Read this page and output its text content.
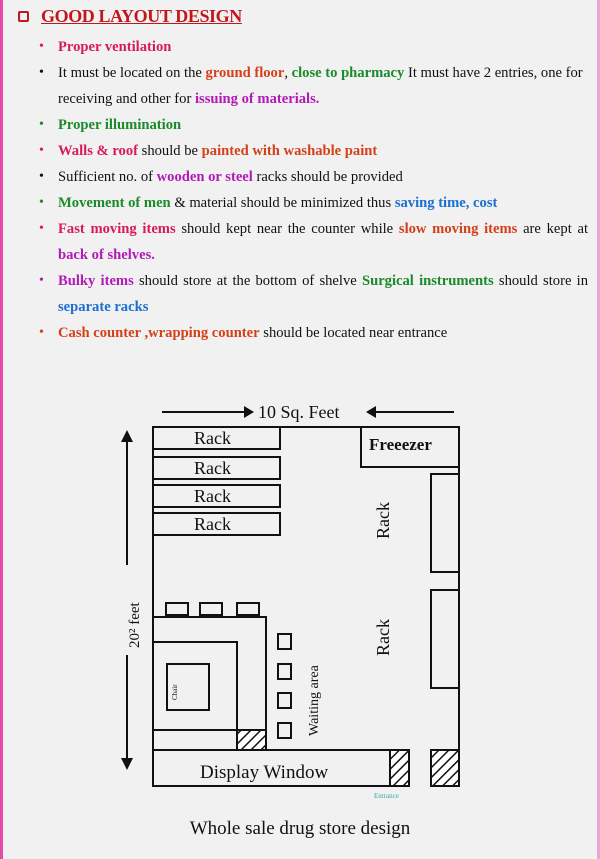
GOOD LAYOUT DESIGN
• Proper ventilation
• It must be located on the ground floor, close to pharmacy It must have 2 entries, one for receiving and other for issuing of materials.
• Proper illumination
• Walls & roof should be painted with washable paint
• Sufficient no. of wooden or steel racks should be provided
• Movement of men & material should be minimized thus saving time, cost
• Fast moving items should kept near the counter while slow moving items are kept at back of shelves.
• Bulky items should store at the bottom of shelve Surgical instruments should store in separate racks
• Cash counter ,wrapping counter should be located near entrance
10 Sq. Feet
20² feet
Rack
Rack
Rack
Rack
Freeezer
Rack
Rack
Chair	Waiting area
Display Window
Entrance
Whole sale drug store design
